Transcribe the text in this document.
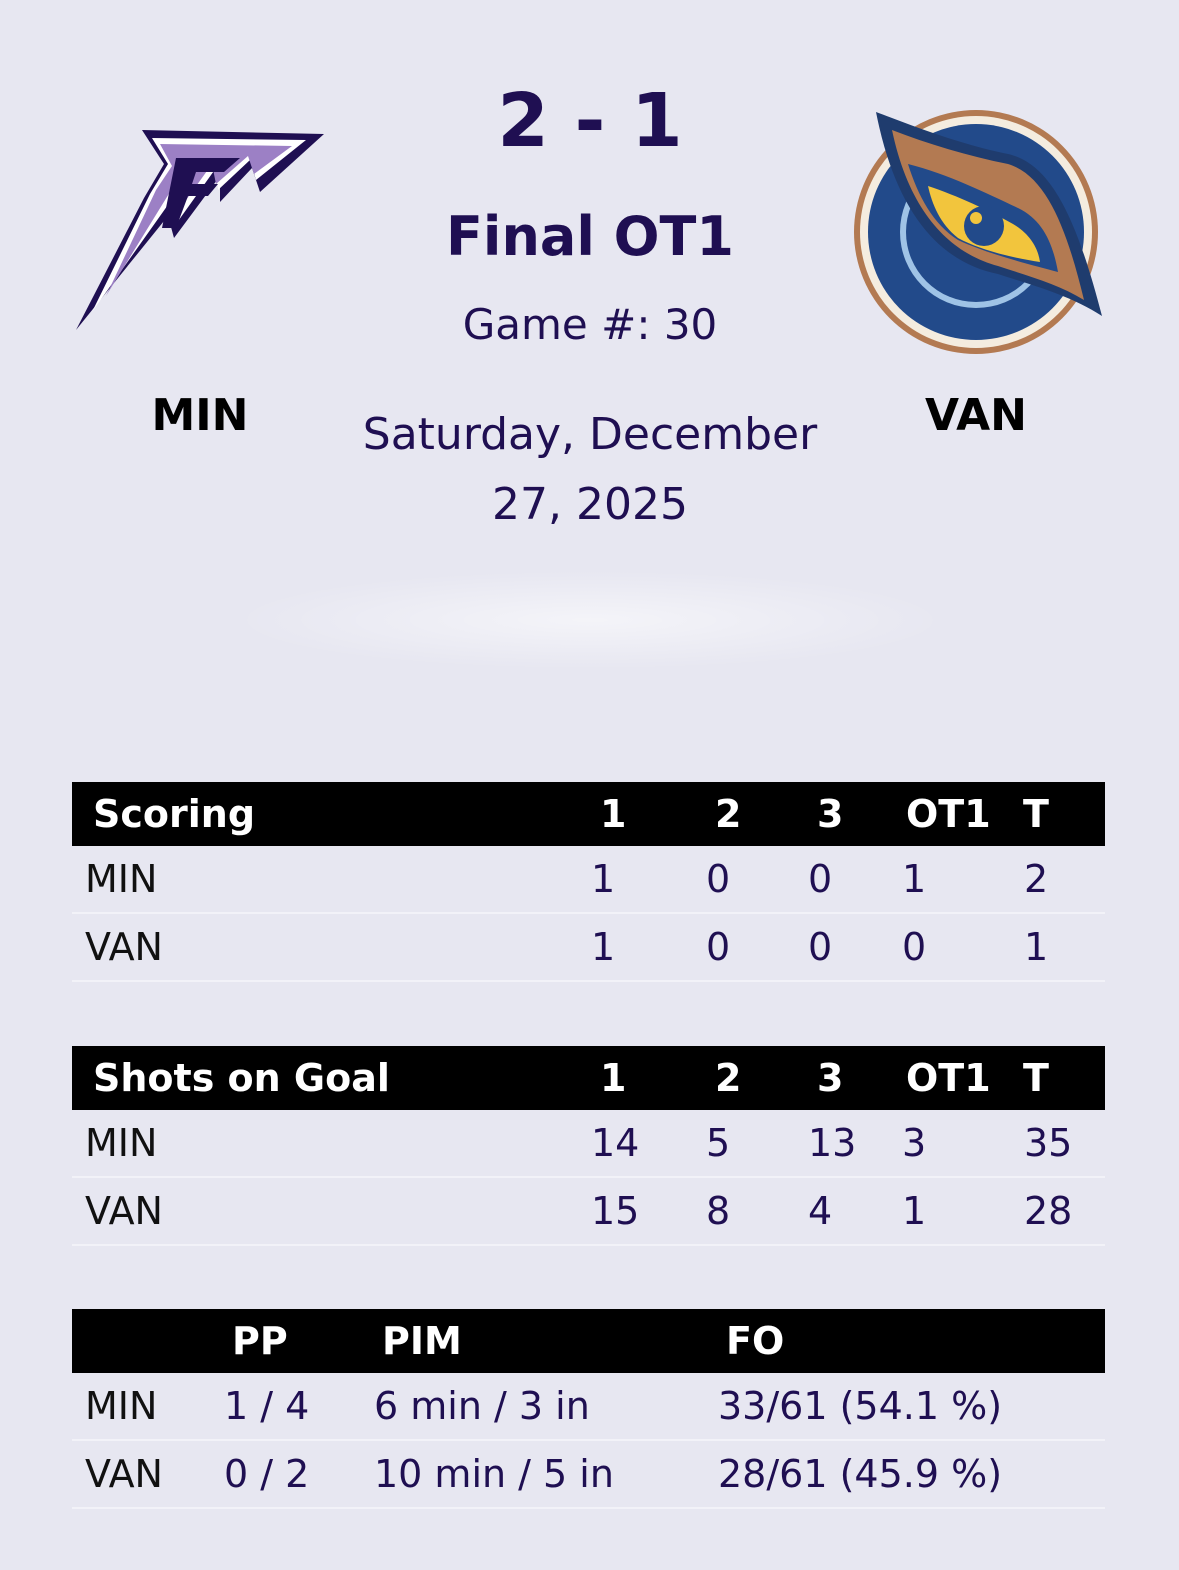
MIN	VAN
2 - 1
Final OT1
Game #: 30
Saturday, December 27, 2025
Scoring	1	2	3	OT1	T
MIN	1	0	0	1	2
VAN	1	0	0	0	1
Shots on Goal	1	2	3	OT1	T
MIN	14	5	13	3	35
VAN	15	8	4	1	28
	PP	PIM	FO
MIN	1 / 4	6 min / 3 in	33/61 (54.1 %)
VAN	0 / 2	10 min / 5 in	28/61 (45.9 %)
